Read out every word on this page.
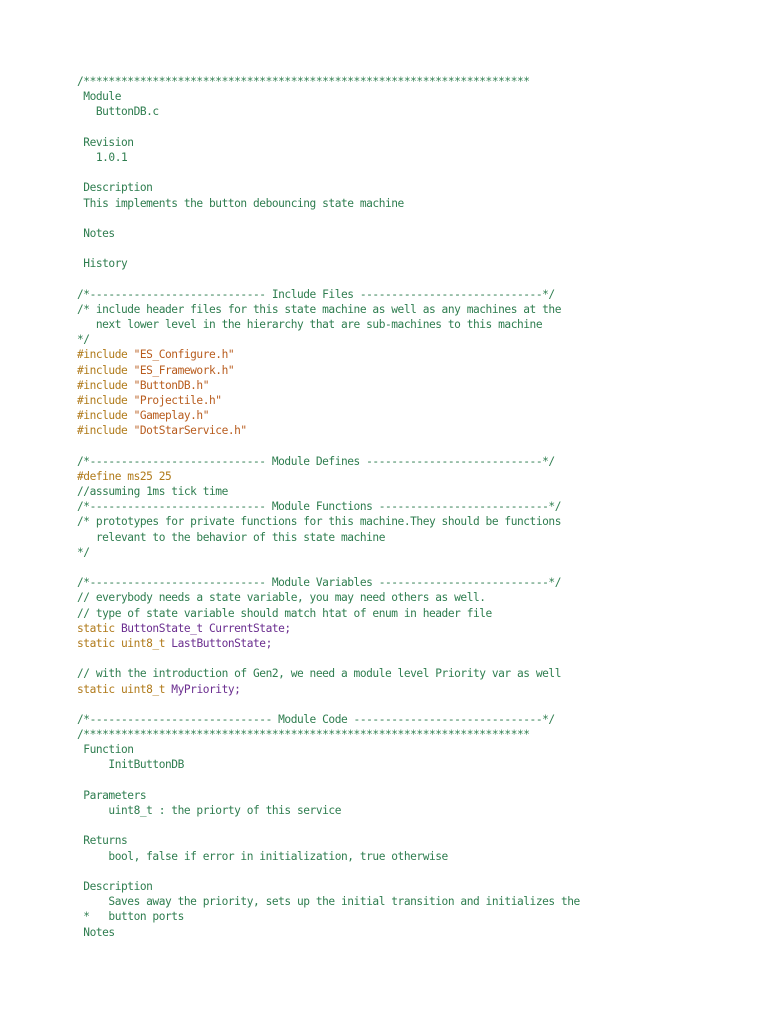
/***********************************************************************
Module
ButtonDB.c

Revision
1.0.1

Description
This implements the button debouncing state machine

Notes

History

/*---------------------------- Include Files -----------------------------*/
/* include header files for this state machine as well as any machines at the
next lower level in the hierarchy that are sub-machines to this machine
*/
#include "ES_Configure.h"
#include "ES_Framework.h"
#include "ButtonDB.h"
#include "Projectile.h"
#include "Gameplay.h"
#include "DotStarService.h"

/*---------------------------- Module Defines ----------------------------*/
#define ms25 25
//assuming 1ms tick time
/*---------------------------- Module Functions ---------------------------*/
/* prototypes for private functions for this machine.They should be functions
relevant to the behavior of this state machine
*/

/*---------------------------- Module Variables ---------------------------*/
// everybody needs a state variable, you may need others as well.
// type of state variable should match htat of enum in header file
static ButtonState_t CurrentState;
static uint8_t LastButtonState;

// with the introduction of Gen2, we need a module level Priority var as well
static uint8_t MyPriority;

/*----------------------------- Module Code ------------------------------*/
/***********************************************************************
Function
InitButtonDB

Parameters
uint8_t : the priorty of this service

Returns
bool, false if error in initialization, true otherwise

Description
Saves away the priority, sets up the initial transition and initializes the
*   button ports
Notes
